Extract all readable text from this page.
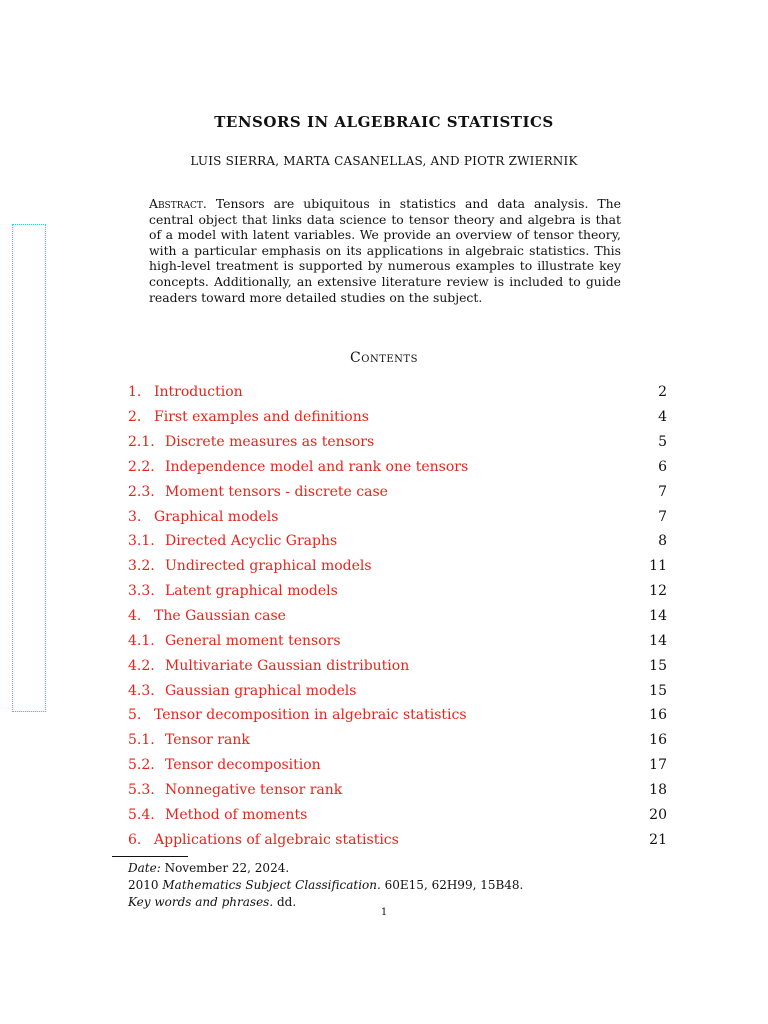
TENSORS IN ALGEBRAIC STATISTICS
LUIS SIERRA, MARTA CASANELLAS, AND PIOTR ZWIERNIK
Abstract. Tensors are ubiquitous in statistics and data analysis. The central object that links data science to tensor theory and algebra is that of a model with latent variables. We provide an overview of tensor theory, with a particular emphasis on its applications in algebraic statistics. This high-level treatment is supported by numerous examples to illustrate key concepts. Additionally, an extensive literature review is included to guide readers toward more detailed studies on the subject.
Contents
1. Introduction	2
2. First examples and definitions	4
2.1. Discrete measures as tensors	5
2.2. Independence model and rank one tensors	6
2.3. Moment tensors - discrete case	7
3. Graphical models	7
3.1. Directed Acyclic Graphs	8
3.2. Undirected graphical models	11
3.3. Latent graphical models	12
4. The Gaussian case	14
4.1. General moment tensors	14
4.2. Multivariate Gaussian distribution	15
4.3. Gaussian graphical models	15
5. Tensor decomposition in algebraic statistics	16
5.1. Tensor rank	16
5.2. Tensor decomposition	17
5.3. Nonnegative tensor rank	18
5.4. Method of moments	20
6. Applications of algebraic statistics	21
Date: November 22, 2024.
2010 Mathematics Subject Classification. 60E15, 62H99, 15B48.
Key words and phrases. dd.
1
